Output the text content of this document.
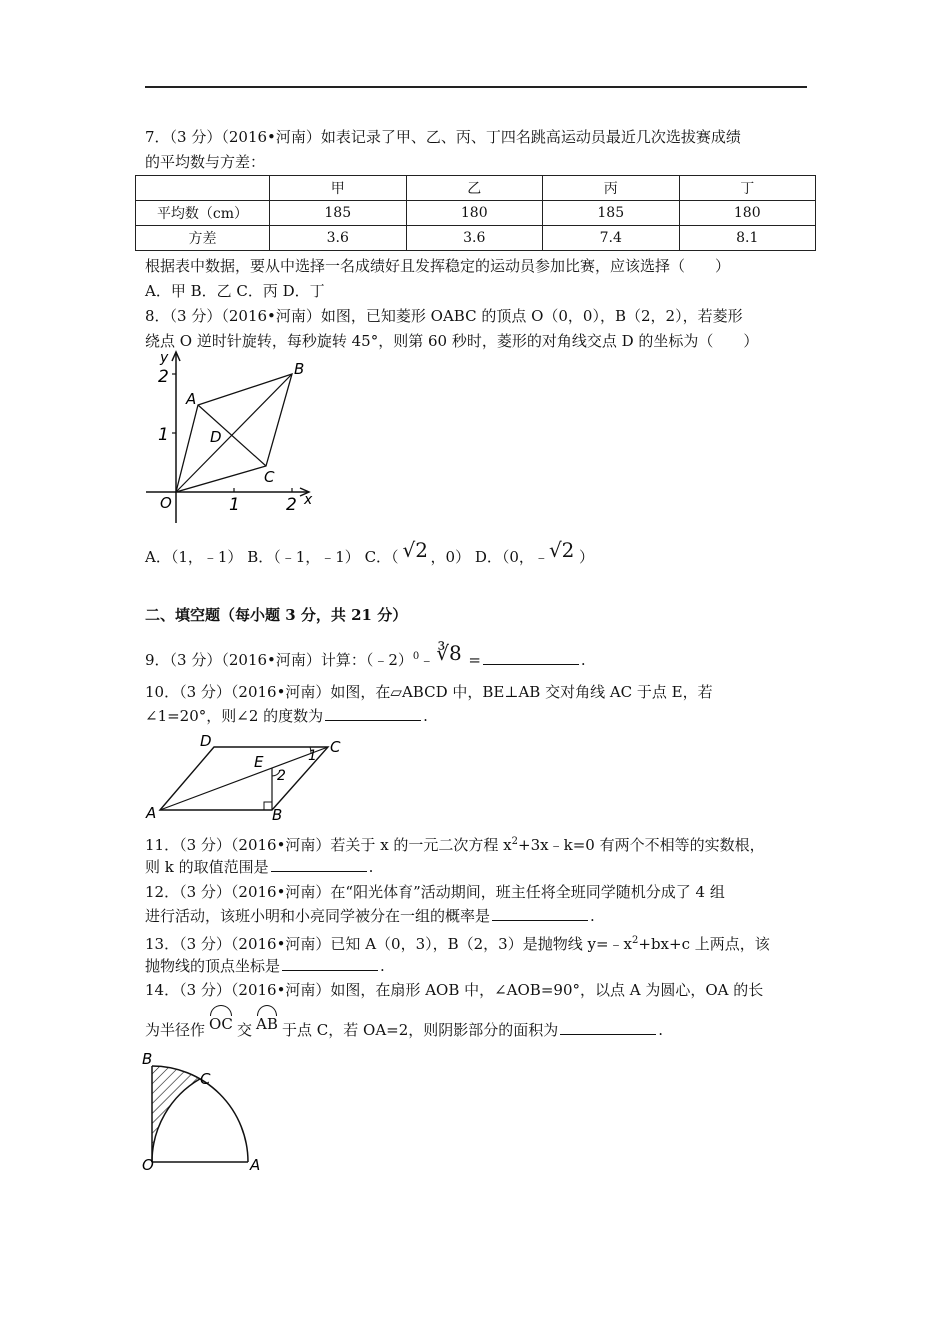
7．（3 分）（2016•河南）如表记录了甲、乙、丙、丁四名跳高运动员最近几次选拔赛成绩
的平均数与方差：
	甲	乙	丙	丁
平均数（cm）	185	180	185	180
方差	3.6	3.6	7.4	8.1
根据表中数据，要从中选择一名成绩好且发挥稳定的运动员参加比赛，应该选择（　　）
A．甲 B．乙 C．丙 D．丁
8．（3 分）（2016•河南）如图，已知菱形 OABC 的顶点 O（0，0），B（2，2），若菱形
绕点 O 逆时针旋转，每秒旋转 45°，则第 60 秒时，菱形的对角线交点 D 的坐标为（　　）
y
x
2
1
1	2
O
A
B
C
D
A．（1，﹣1） B．（﹣1，﹣1） C．（ √2 ，0） D．（0，﹣ √2 ）
二、填空题（每小题 3 分，共 21 分）
9．（3 分）（2016•河南）计算：（﹣2）$^0$﹣ ∛8 =	.
10．（3 分）（2016•河南）如图，在▱ABCD 中，BE⊥AB 交对角线 AC 于点 E，若
∠1=20°，则∠2 的度数为	.
A	B
C
D
E	1
2
11．（3 分）（2016•河南）若关于 x 的一元二次方程 $x^2+3x﹣k=0$ 有两个不相等的实数根，
则 k 的取值范围是	.
12．（3 分）（2016•河南）在“阳光体育”活动期间，班主任将全班同学随机分成了 4 组
进行活动，该班小明和小亮同学被分在一组的概率是	.
13．（3 分）（2016•河南）已知 A（0，3），B（2，3）是抛物线 $y=﹣x^2+bx+c$ 上两点，该
抛物线的顶点坐标是	.
14．（3 分）（2016•河南）如图，在扇形 AOB 中，∠AOB=90°，以点 A 为圆心，OA 的长
为半径作 OC 交 AB 于点 C，若 OA=2，则阴影部分的面积为	.
B
C
O	A
